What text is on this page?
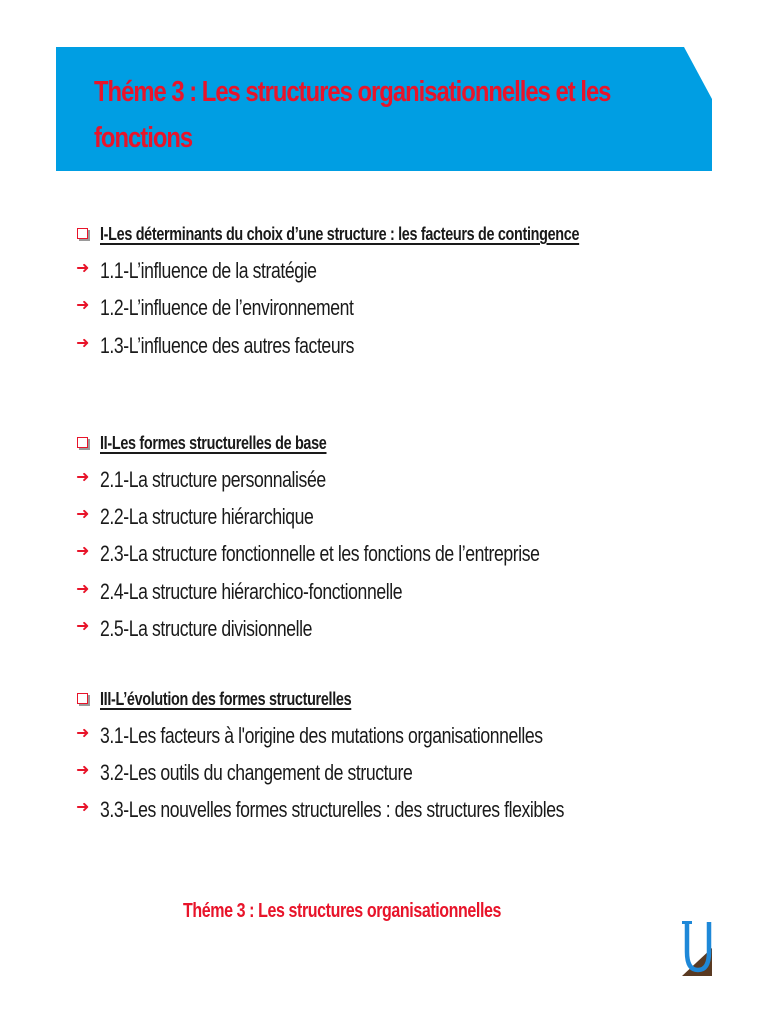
Théme 3 : Les structures organisationnelles et les
fonctions
I-Les déterminants du choix d’une structure : les facteurs de contingence
➜ 1.1-L’influence de la stratégie
➜ 1.2-L’influence de l’environnement
➜ 1.3-L’influence des autres facteurs
II-Les formes structurelles de base
➜ 2.1-La structure personnalisée
➜ 2.2-La structure hiérarchique
➜ 2.3-La structure fonctionnelle et les fonctions de l’entreprise
➜ 2.4-La structure hiérarchico-fonctionnelle
➜ 2.5-La structure divisionnelle
III-L’évolution des formes structurelles
➜ 3.1-Les facteurs à l'origine des mutations organisationnelles
➜ 3.2-Les outils du changement de structure
➜ 3.3-Les nouvelles formes structurelles : des structures flexibles

Théme 3 : Les structures organisationnelles
